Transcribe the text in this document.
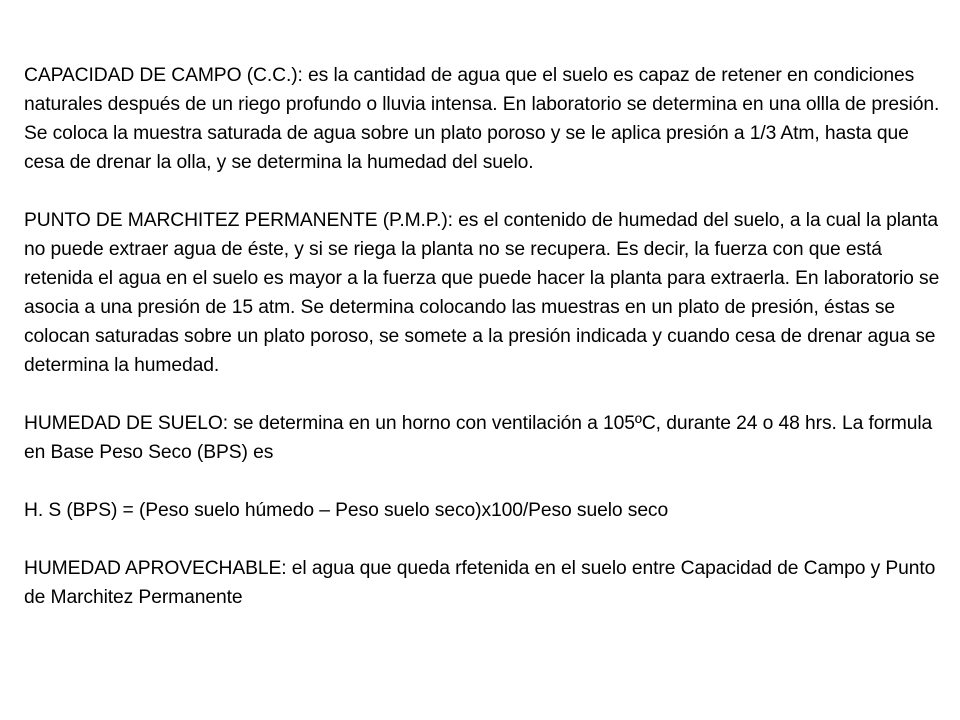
CAPACIDAD DE CAMPO (C.C.): es la cantidad de agua que el suelo es capaz de retener en condiciones naturales después de un riego profundo o lluvia intensa. En laboratorio se determina en una ollla de presión. Se coloca la muestra saturada de agua sobre un plato poroso y se le aplica presión a 1/3 Atm, hasta que cesa de drenar la olla, y se determina la humedad del suelo.

PUNTO DE MARCHITEZ PERMANENTE (P.M.P.): es el contenido de humedad del suelo, a la cual la planta no puede extraer agua de éste, y si se riega la planta no se recupera. Es decir, la fuerza con que está retenida el agua en el suelo es mayor a la fuerza que puede hacer la planta para extraerla. En laboratorio se asocia a una presión de 15 atm. Se determina colocando las muestras en un plato de presión, éstas se colocan saturadas sobre un plato poroso, se somete a la presión indicada y cuando cesa de drenar agua se determina la humedad.

HUMEDAD DE SUELO: se determina en un horno con ventilación a 105ºC, durante 24 o 48 hrs. La formula en Base Peso Seco (BPS) es

H. S (BPS) = (Peso suelo húmedo – Peso suelo seco)x100/Peso suelo seco

HUMEDAD APROVECHABLE: el agua que queda rfetenida en el suelo entre Capacidad de Campo y Punto de Marchitez Permanente
